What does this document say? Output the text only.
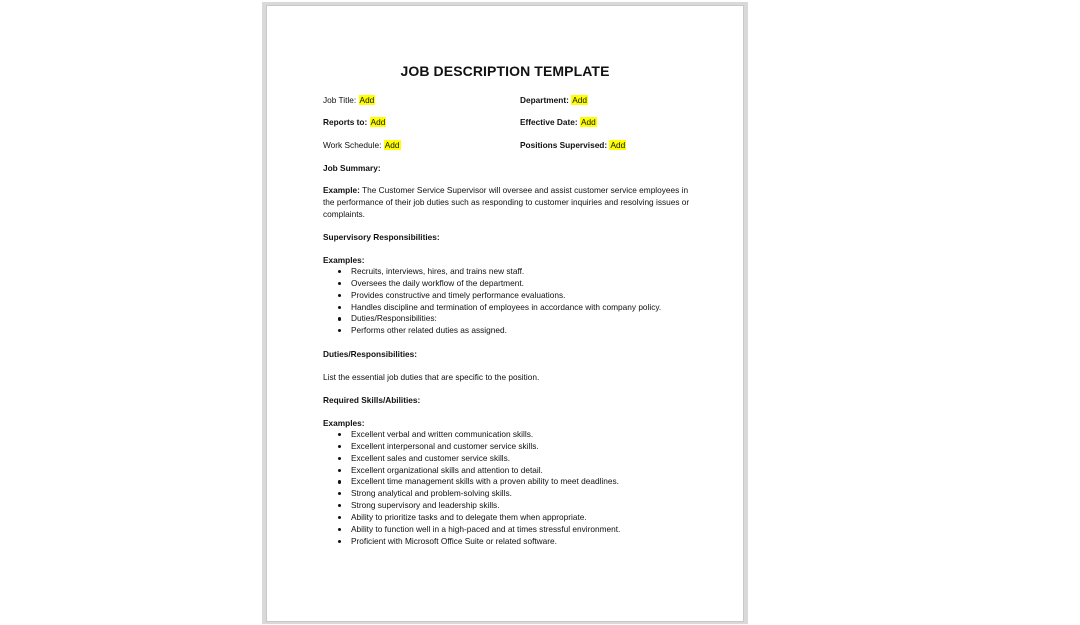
JOB DESCRIPTION TEMPLATE
Job Title: Add	Department: Add
Reports to: Add	Effective Date: Add
Work Schedule: Add	Positions Supervised: Add
Job Summary:
Example: The Customer Service Supervisor will oversee and assist customer service employees in the performance of their job duties such as responding to customer inquiries and resolving issues or complaints.
Supervisory Responsibilities:
Examples:
Recruits, interviews, hires, and trains new staff.
Oversees the daily workflow of the department.
Provides constructive and timely performance evaluations.
Handles discipline and termination of employees in accordance with company policy.
Duties/Responsibilities:
Performs other related duties as assigned.
Duties/Responsibilities:
List the essential job duties that are specific to the position.
Required Skills/Abilities:
Examples:
Excellent verbal and written communication skills.
Excellent interpersonal and customer service skills.
Excellent sales and customer service skills.
Excellent organizational skills and attention to detail.
Excellent time management skills with a proven ability to meet deadlines.
Strong analytical and problem-solving skills.
Strong supervisory and leadership skills.
Ability to prioritize tasks and to delegate them when appropriate.
Ability to function well in a high-paced and at times stressful environment.
Proficient with Microsoft Office Suite or related software.
